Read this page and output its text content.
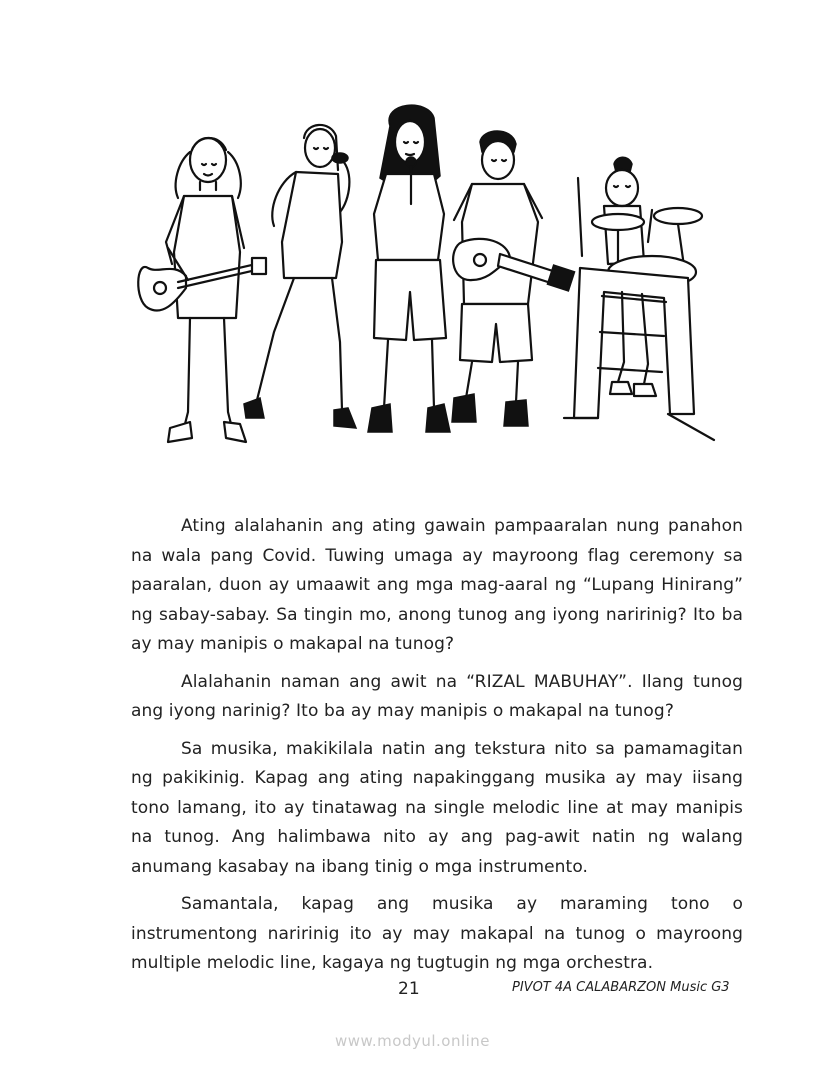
Ating alalahanin ang ating gawain pampaaralan nung panahon na wala pang Covid. Tuwing umaga ay mayroong flag ceremony sa paaralan, duon ay umaawit ang mga mag-aaral ng “Lupang Hinirang” ng sabay-sabay. Sa tingin mo, anong tunog ang iyong naririnig? Ito ba ay may manipis o makapal na tunog?

Alalahanin naman ang awit na “RIZAL MABUHAY”. Ilang tunog ang iyong narinig? Ito ba ay may manipis o makapal na tunog?

Sa musika, makikilala natin ang tekstura nito sa pamamagitan ng pakikinig. Kapag ang ating napakinggang musika ay may iisang tono lamang, ito ay tinatawag na single melodic line at may manipis na tunog. Ang halimbawa nito ay ang pag-awit natin ng walang anumang kasabay na ibang tinig o mga instrumento.

Samantala, kapag ang musika ay maraming tono o instrumentong naririnig ito ay may makapal na tunog o mayroong multiple melodic line, kagaya ng tugtugin ng mga orchestra.

21	PIVOT 4A CALABARZON Music G3
www.modyul.online
